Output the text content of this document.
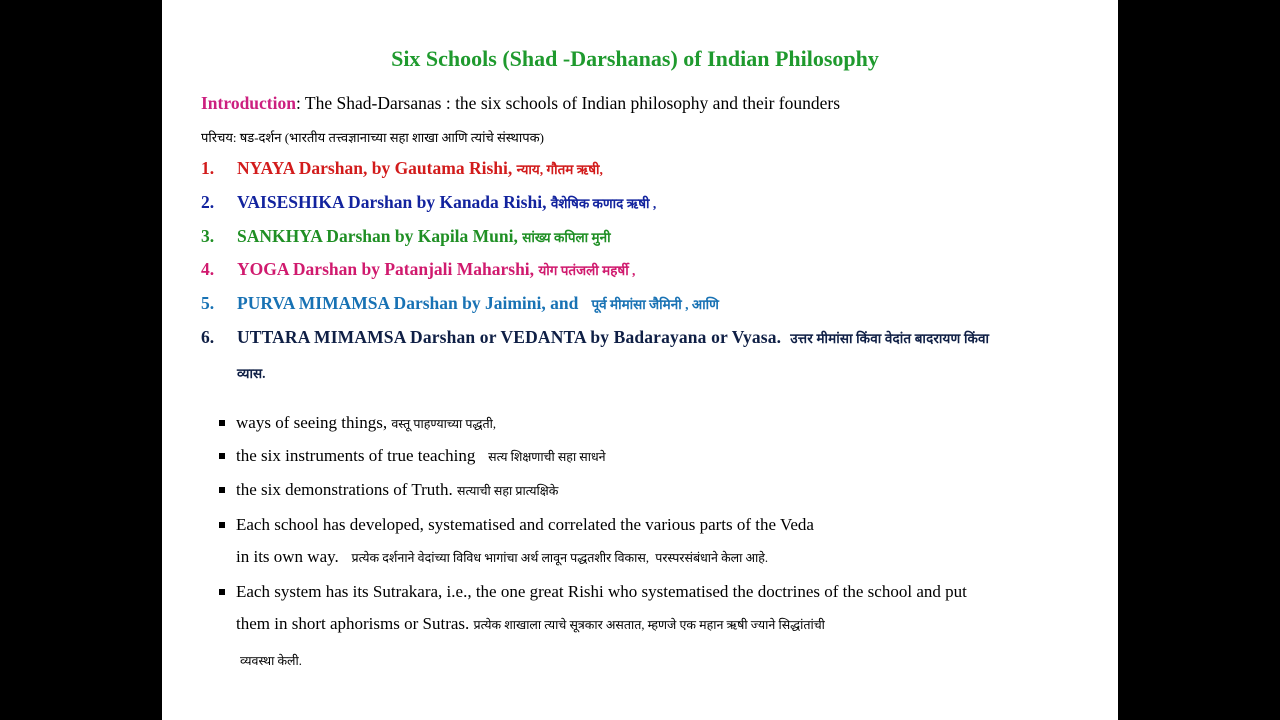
Six Schools (Shad -Darshanas) of Indian Philosophy
Introduction: The Shad-Darsanas : the six schools of Indian philosophy and their founders
परिचय: षड-दर्शन (भारतीय तत्त्वज्ञानाच्या सहा शाखा आणि त्यांचे संस्थापक)
1. NYAYA Darshan, by Gautama Rishi, न्याय, गौतम ऋषी,
2. VAISESHIKA Darshan by Kanada Rishi, वैशेषिक कणाद ऋषी ,
3. SANKHYA Darshan by Kapila Muni, सांख्य कपिला मुनी
4. YOGA Darshan by Patanjali Maharshi, योग पतंजली महर्षी ,
5. PURVA MIMAMSA Darshan by Jaimini, and   पूर्व मीमांसा जैमिनी , आणि
6. UTTARA MIMAMSA Darshan or VEDANTA by Badarayana or Vyasa.  उत्तर मीमांसा किंवा वेदांत बादरायण किंवा
व्यास.
ways of seeing things, वस्तू पाहण्याच्या पद्धती,
the six instruments of true teaching   सत्य शिक्षणाची सहा साधने
the six demonstrations of Truth. सत्याची सहा प्रात्यक्षिके
Each school has developed, systematised and correlated the various parts of the Veda
in its own way.   प्रत्येक दर्शनाने वेदांच्या विविध भागांचा अर्थ लावून पद्धतशीर विकास,  परस्परसंबंधाने केला आहे.
Each system has its Sutrakara, i.e., the one great Rishi who systematised the doctrines of the school and put
them in short aphorisms or Sutras. प्रत्येक शाखाला त्याचे सूत्रकार असतात, म्हणजे एक महान ऋषी ज्याने सिद्धांतांची
व्यवस्था केली.
